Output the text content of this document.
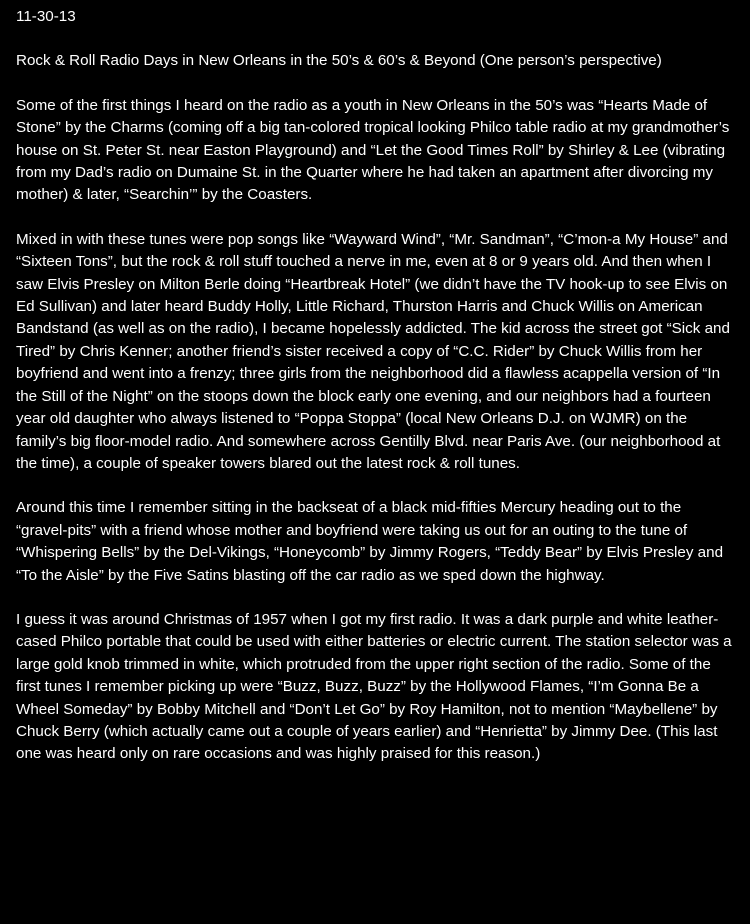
11-30-13
Rock & Roll Radio Days in New Orleans in the 50’s & 60’s & Beyond (One person’s perspective)
Some of the first things I heard on the radio as a youth in New Orleans in the 50’s was “Hearts Made of Stone” by the Charms (coming off a big tan-colored tropical looking Philco table radio at my grandmother’s house on St. Peter St. near Easton Playground) and “Let the Good Times Roll” by Shirley & Lee (vibrating from my Dad’s radio on Dumaine St. in the Quarter where he had taken an apartment after divorcing my mother) & later, “Searchin’” by the Coasters.
Mixed in with these tunes were pop songs like “Wayward Wind”, “Mr. Sandman”, “C’mon-a My House” and “Sixteen Tons”, but the rock & roll stuff touched a nerve in me, even at 8 or 9 years old. And then when I saw Elvis Presley on Milton Berle doing “Heartbreak Hotel” (we didn’t have the TV hook-up to see Elvis on Ed Sullivan) and later heard Buddy Holly, Little Richard, Thurston Harris and Chuck Willis on American Bandstand (as well as on the radio), I became hopelessly addicted. The kid across the street got “Sick and Tired” by Chris Kenner; another friend’s sister received a copy of “C.C. Rider” by Chuck Willis from her boyfriend and went into a frenzy; three girls from the neighborhood did a flawless acappella version of “In the Still of the Night” on the stoops down the block early one evening, and our neighbors had a fourteen year old daughter who always listened to “Poppa Stoppa” (local New Orleans D.J. on WJMR) on the family’s big floor-model radio. And somewhere across Gentilly Blvd. near Paris Ave. (our neighborhood at the time), a couple of speaker towers blared out the latest rock & roll tunes.
Around this time I remember sitting in the backseat of a black mid-fifties Mercury heading out to the “gravel-pits” with a friend whose mother and boyfriend were taking us out for an outing to the tune of “Whispering Bells” by the Del-Vikings, “Honeycomb” by Jimmy Rogers, “Teddy Bear” by Elvis Presley and “To the Aisle” by the Five Satins blasting off the car radio as we sped down the highway.
I guess it was around Christmas of 1957 when I got my first radio. It was a dark purple and white leather-cased Philco portable that could be used with either batteries or electric current. The station selector was a large gold knob trimmed in white, which protruded from the upper right section of the radio. Some of the first tunes I remember picking up were “Buzz, Buzz, Buzz” by the Hollywood Flames, “I’m Gonna Be a Wheel Someday” by Bobby Mitchell and “Don’t Let Go” by Roy Hamilton, not to mention “Maybellene” by Chuck Berry (which actually came out a couple of years earlier) and “Henrietta” by Jimmy Dee. (This last one was heard only on rare occasions and was highly praised for this reason.)
